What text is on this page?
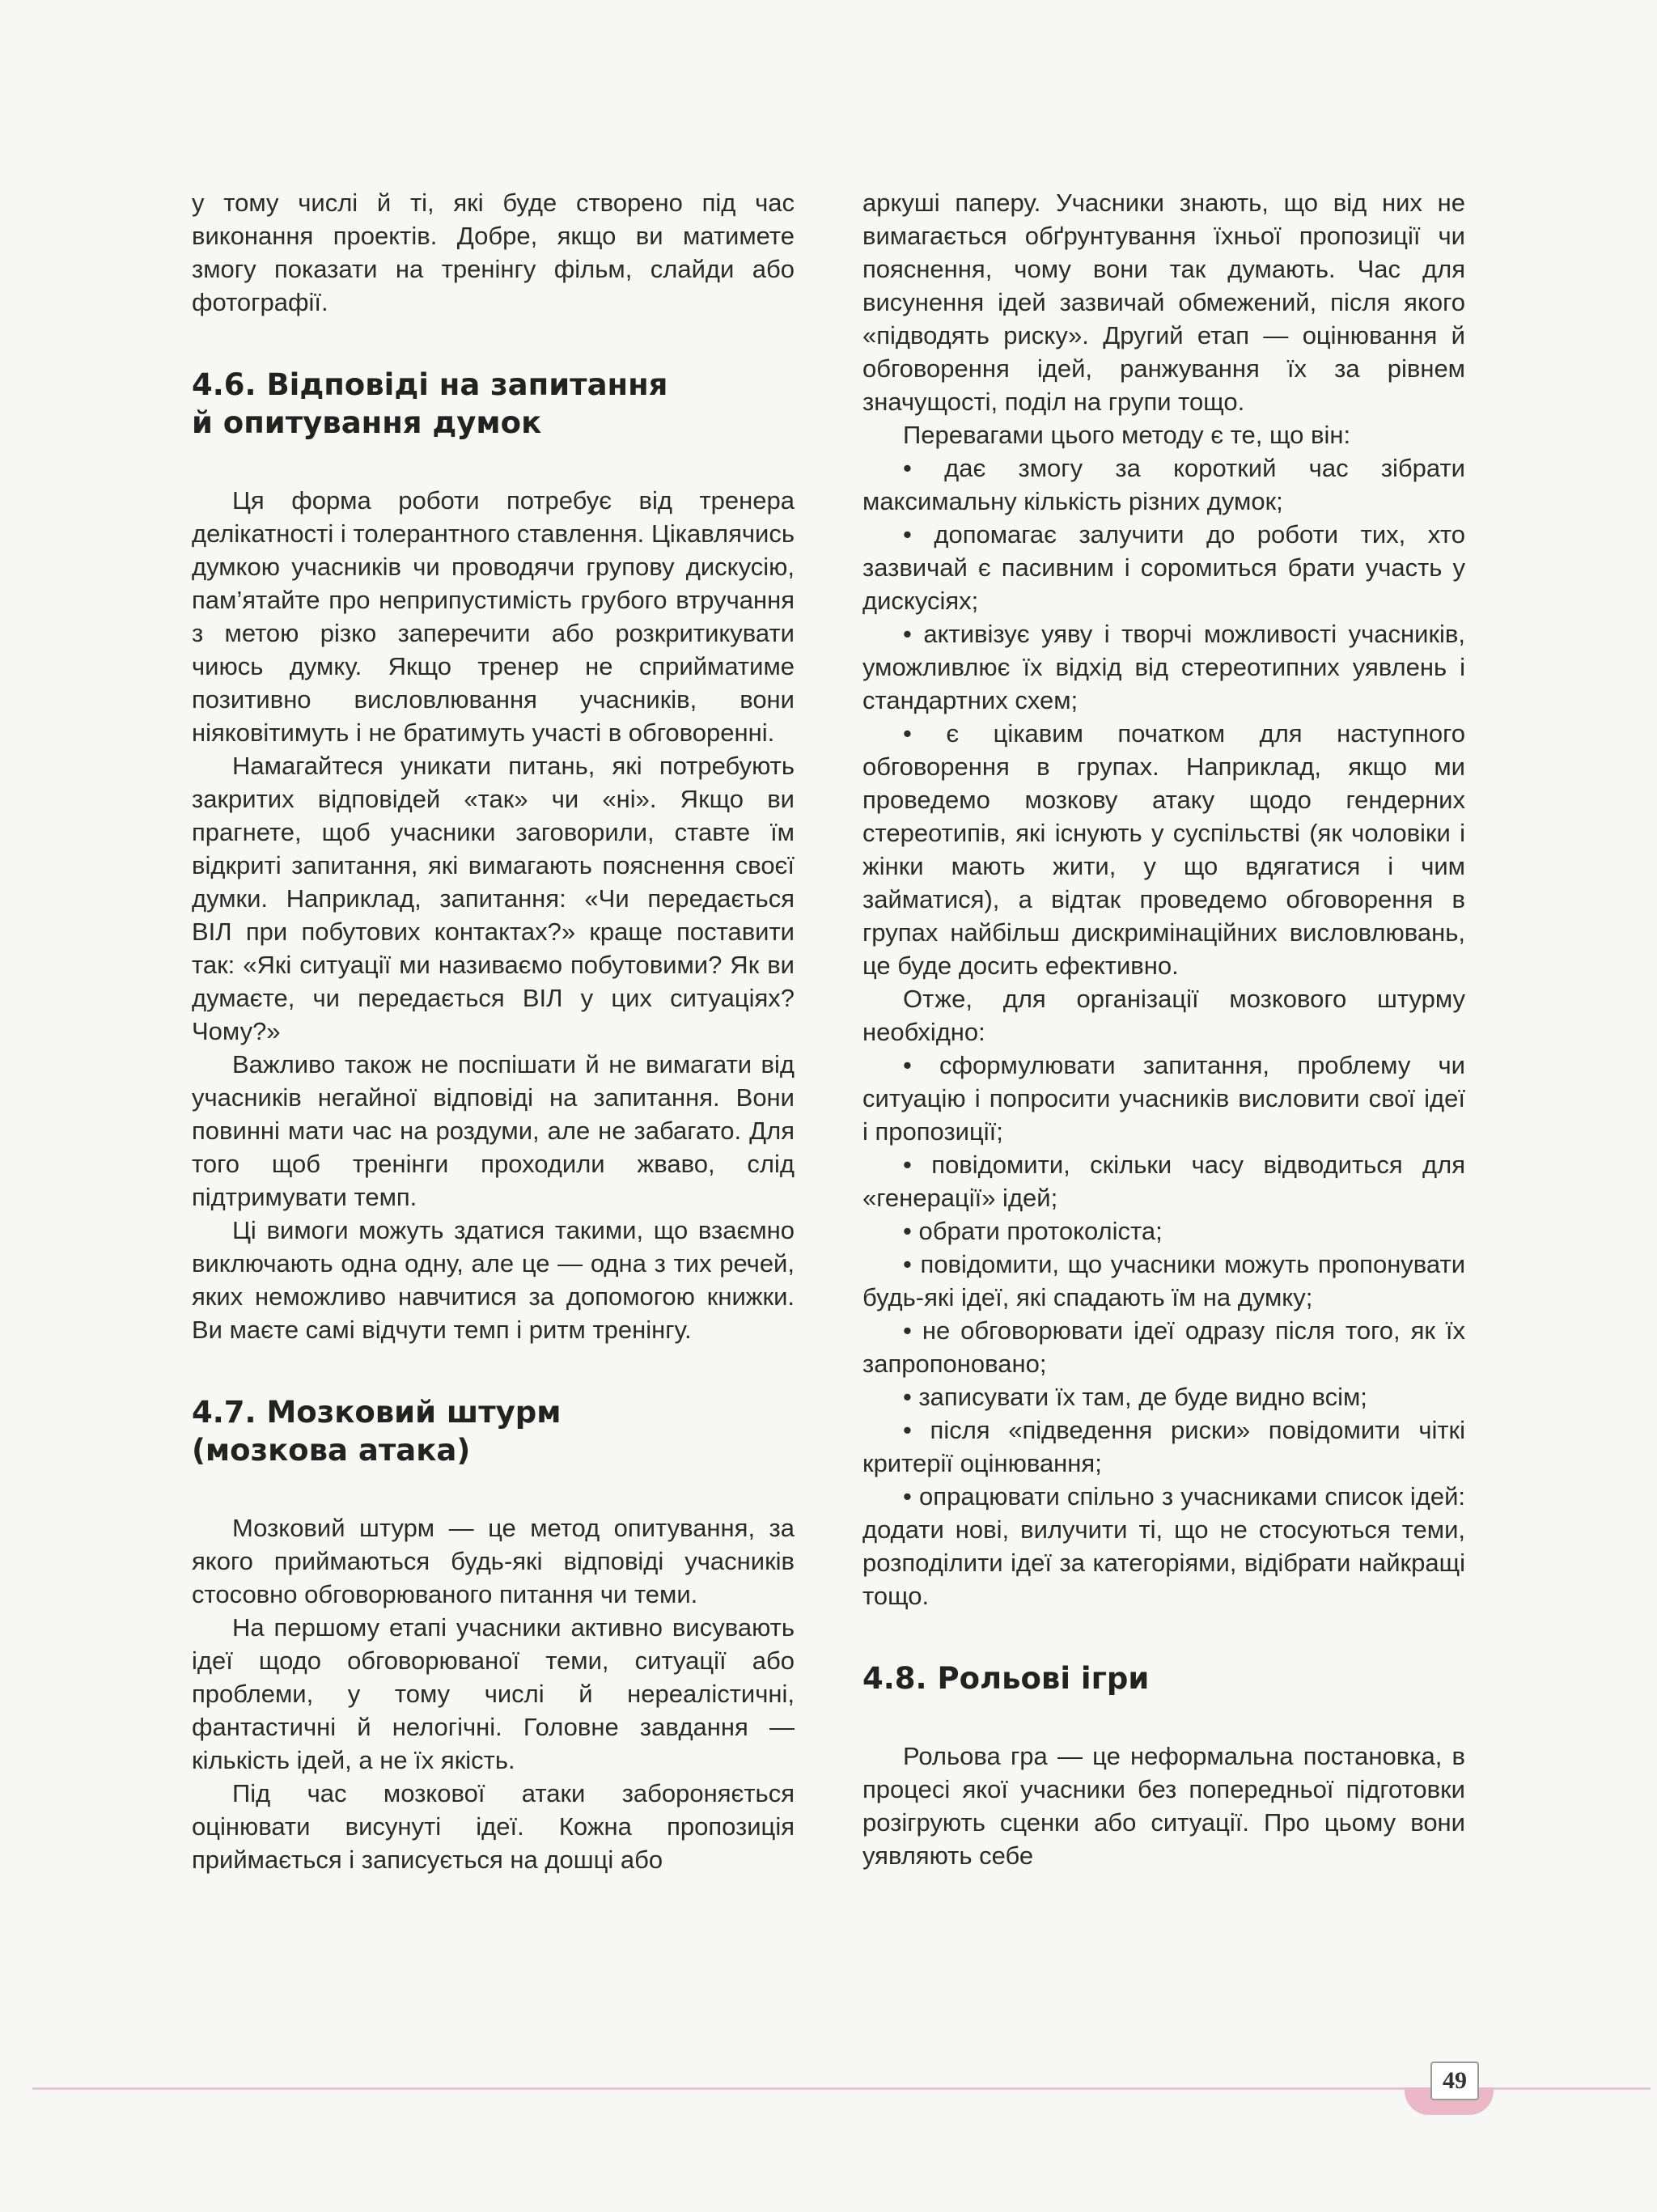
у тому числі й ті, які буде створено під час виконання проектів. Добре, якщо ви матимете змогу показати на тренінгу фільм, слайди або фотографії.

4.6. Відповіді на запитання
й опитування думок

Ця форма роботи потребує від тренера делікатності і толерантного ставлення. Цікавлячись думкою учасників чи проводячи групову дискусію, пам’ятайте про неприпустимість грубого втручання з метою різко заперечити або розкритикувати чиюсь думку. Якщо тренер не сприйматиме позитивно висловлювання учасників, вони ніяковітимуть і не братимуть участі в обговоренні.

Намагайтеся уникати питань, які потребують закритих відповідей «так» чи «ні». Якщо ви прагнете, щоб учасники заговорили, ставте їм відкриті запитання, які вимагають пояснення своєї думки. Наприклад, запитання: «Чи передається ВІЛ при побутових контактах?» краще поставити так: «Які ситуації ми називаємо побутовими? Як ви думаєте, чи передається ВІЛ у цих ситуаціях? Чому?»

Важливо також не поспішати й не вимагати від учасників негайної відповіді на запитання. Вони повинні мати час на роздуми, але не забагато. Для того щоб тренінги проходили жваво, слід підтримувати темп.

Ці вимоги можуть здатися такими, що взаємно виключають одна одну, але це — одна з тих речей, яких неможливо навчитися за допомогою книжки. Ви маєте самі відчути темп і ритм тренінгу.

4.7. Мозковий штурм
(мозкова атака)

Мозковий штурм — це метод опитування, за якого приймаються будь-які відповіді учасників стосовно обговорюваного питання чи теми.

На першому етапі учасники активно висувають ідеї щодо обговорюваної теми, ситуації або проблеми, у тому числі й нереалістичні, фантастичні й нелогічні. Головне завдання — кількість ідей, а не їх якість.

Під час мозкової атаки забороняється оцінювати висунуті ідеї. Кожна пропозиція приймається і записується на дошці або

аркуші паперу. Учасники знають, що від них не вимагається обґрунтування їхньої пропозиції чи пояснення, чому вони так думають. Час для висунення ідей зазвичай обмежений, після якого «підводять риску». Другий етап — оцінювання й обговорення ідей, ранжування їх за рівнем значущості, поділ на групи тощо.

Перевагами цього методу є те, що він:

• дає змогу за короткий час зібрати максимальну кількість різних думок;

• допомагає залучити до роботи тих, хто зазвичай є пасивним і соромиться брати участь у дискусіях;

• активізує уяву і творчі можливості учасників, уможливлює їх відхід від стереотипних уявлень і стандартних схем;

• є цікавим початком для наступного обговорення в групах. Наприклад, якщо ми проведемо мозкову атаку щодо гендерних стереотипів, які існують у суспільстві (як чоловіки і жінки мають жити, у що вдягатися і чим займатися), а відтак проведемо обговорення в групах найбільш дискримінаційних висловлювань, це буде досить ефективно.

Отже, для організації мозкового штурму необхідно:

• сформулювати запитання, проблему чи ситуацію і попросити учасників висловити свої ідеї і пропозиції;

• повідомити, скільки часу відводиться для «генерації» ідей;

• обрати протоколіста;

• повідомити, що учасники можуть пропонувати будь-які ідеї, які спадають їм на думку;

• не обговорювати ідеї одразу після того, як їх запропоновано;

• записувати їх там, де буде видно всім;

• після «підведення риски» повідомити чіткі критерії оцінювання;

• опрацювати спільно з учасниками список ідей: додати нові, вилучити ті, що не стосуються теми, розподілити ідеї за категоріями, відібрати найкращі тощо.

4.8. Рольові ігри

Рольова гра — це неформальна постановка, в процесі якої учасники без попередньої підготовки розігрують сценки або ситуації. Про цьому вони уявляють себе

49
